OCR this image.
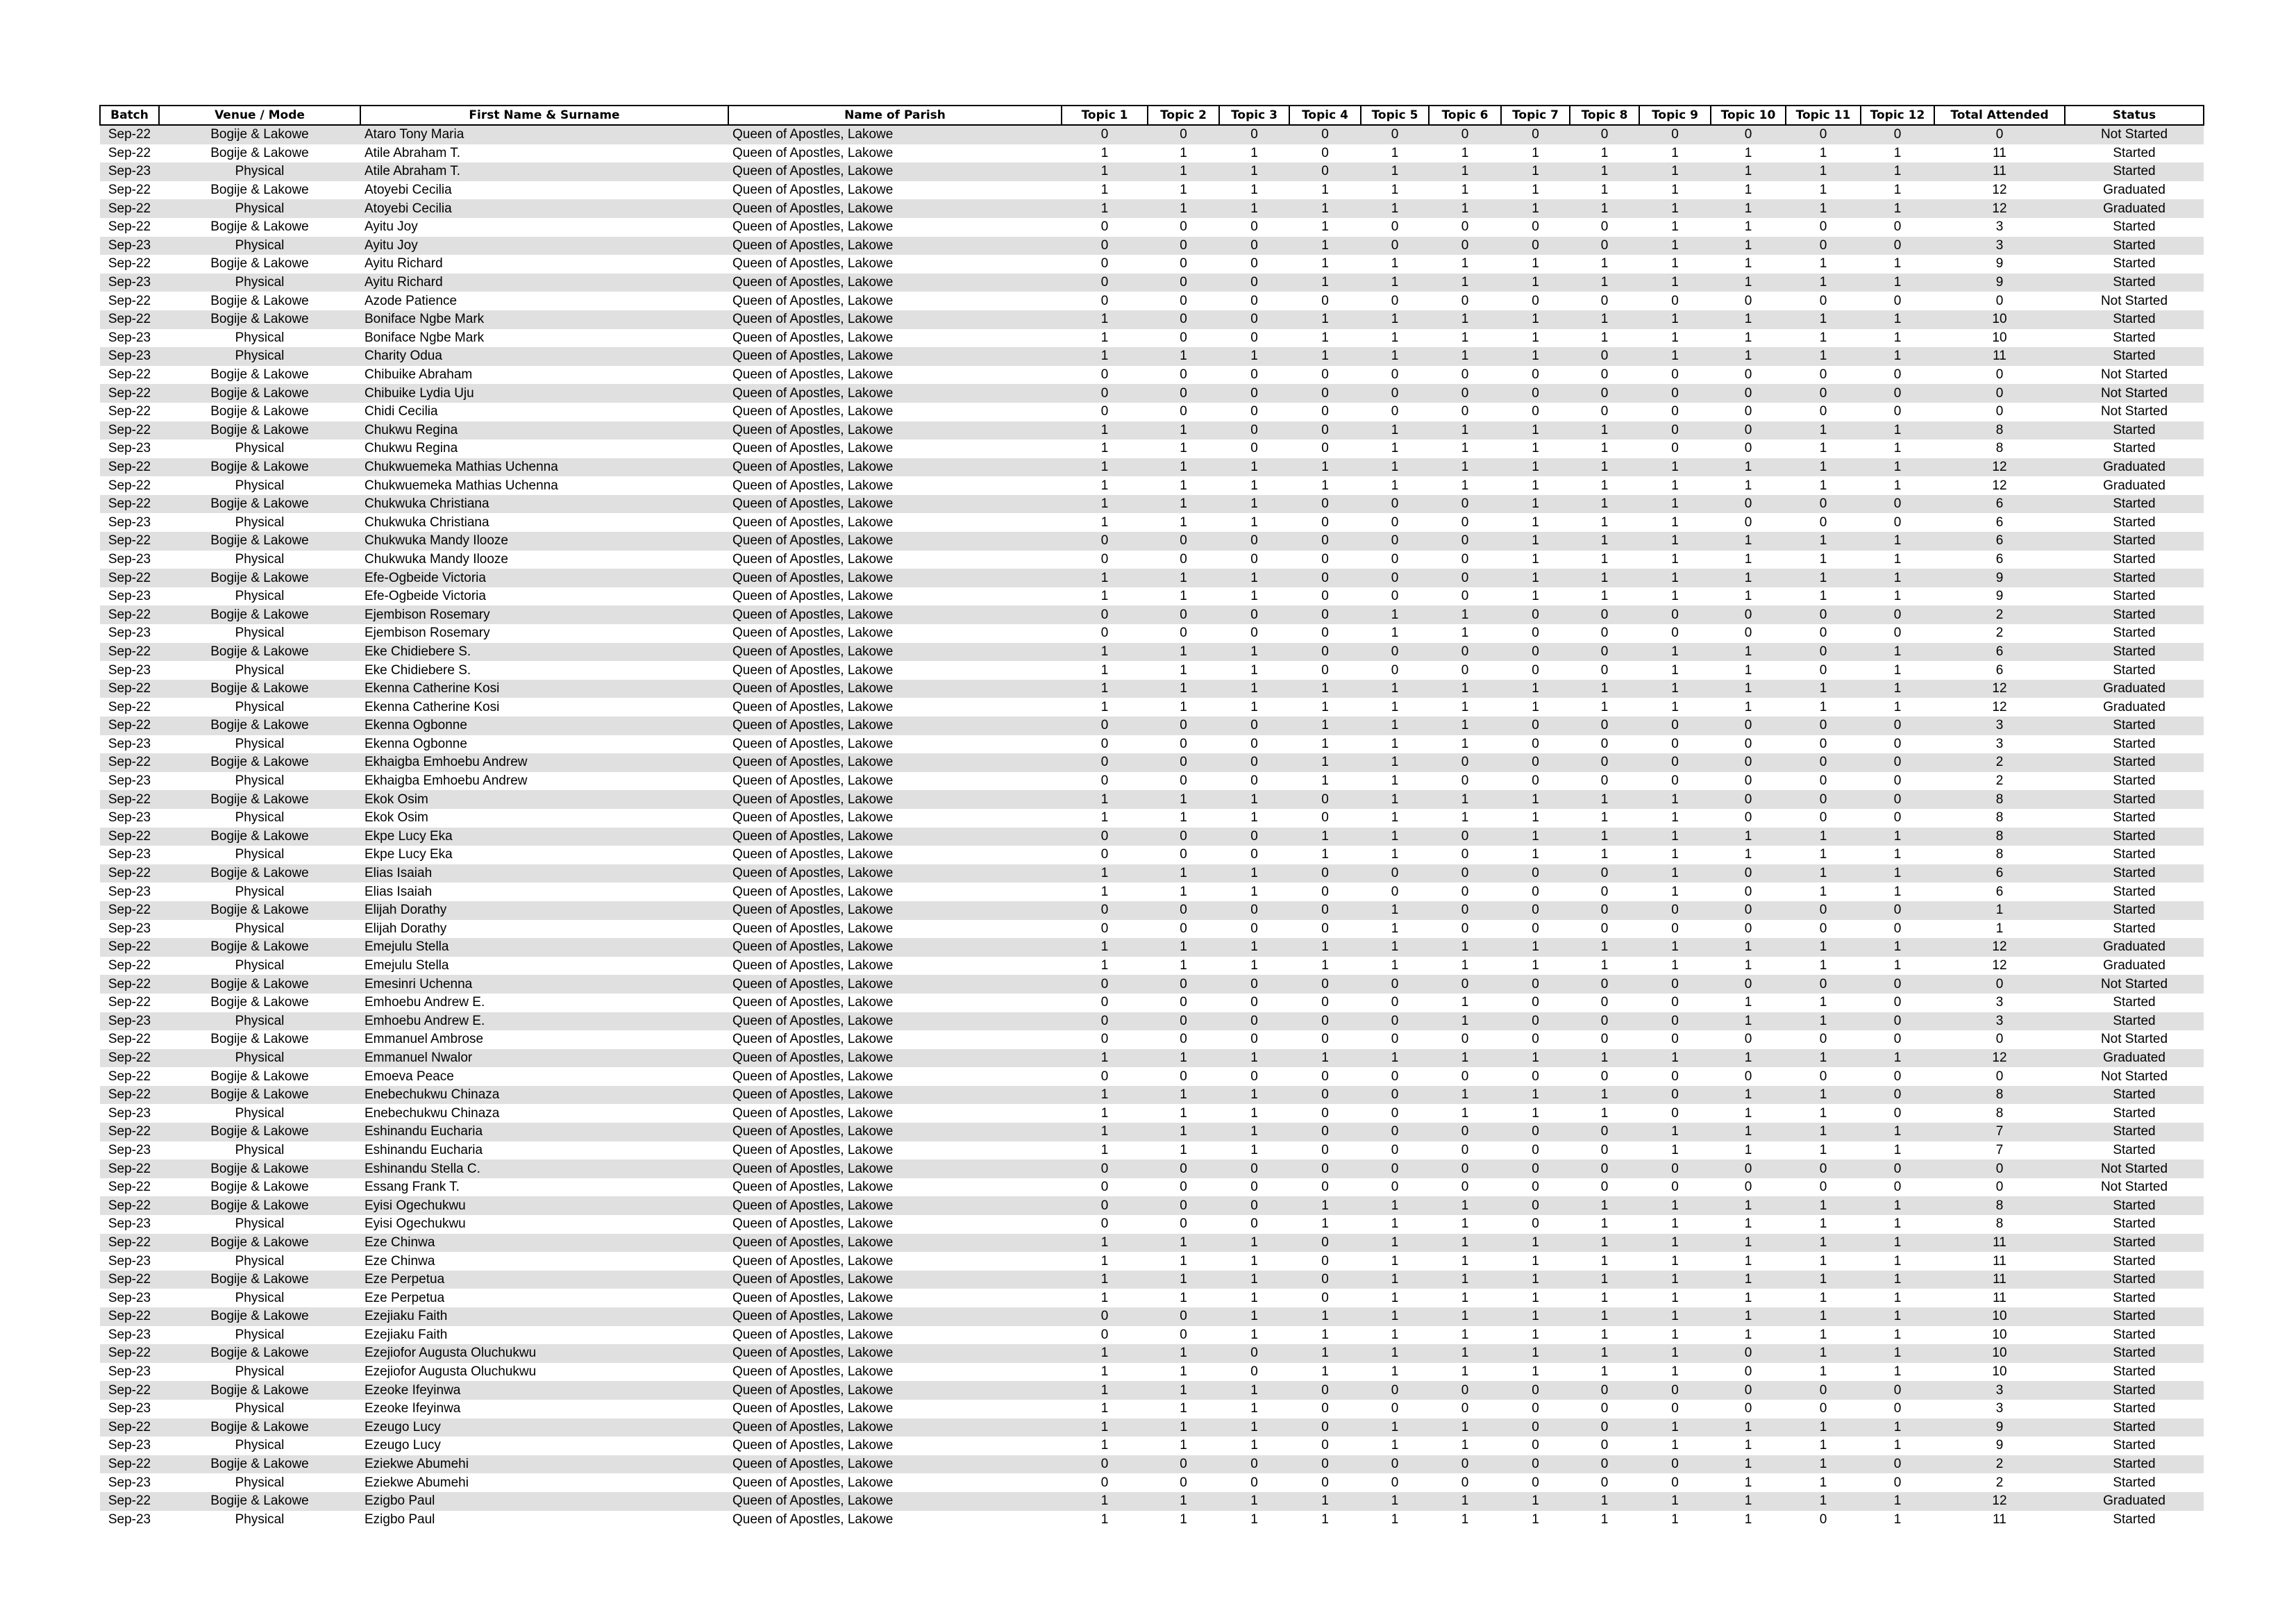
Batch	Venue / Mode	First Name & Surname	Name of Parish	Topic 1	Topic 2	Topic 3	Topic 4	Topic 5	Topic 6	Topic 7	Topic 8	Topic 9	Topic 10	Topic 11	Topic 12	Total Attended	Status
Sep-22	Bogije & Lakowe	Ataro Tony Maria	Queen of Apostles, Lakowe	0	0	0	0	0	0	0	0	0	0	0	0	0	Not Started
Sep-22	Bogije & Lakowe	Atile Abraham T.	Queen of Apostles, Lakowe	1	1	1	0	1	1	1	1	1	1	1	1	11	Started
Sep-23	Physical	Atile Abraham T.	Queen of Apostles, Lakowe	1	1	1	0	1	1	1	1	1	1	1	1	11	Started
Sep-22	Bogije & Lakowe	Atoyebi Cecilia	Queen of Apostles, Lakowe	1	1	1	1	1	1	1	1	1	1	1	1	12	Graduated
Sep-22	Physical	Atoyebi Cecilia	Queen of Apostles, Lakowe	1	1	1	1	1	1	1	1	1	1	1	1	12	Graduated
Sep-22	Bogije & Lakowe	Ayitu Joy	Queen of Apostles, Lakowe	0	0	0	1	0	0	0	0	1	1	0	0	3	Started
Sep-23	Physical	Ayitu Joy	Queen of Apostles, Lakowe	0	0	0	1	0	0	0	0	1	1	0	0	3	Started
Sep-22	Bogije & Lakowe	Ayitu Richard	Queen of Apostles, Lakowe	0	0	0	1	1	1	1	1	1	1	1	1	9	Started
Sep-23	Physical	Ayitu Richard	Queen of Apostles, Lakowe	0	0	0	1	1	1	1	1	1	1	1	1	9	Started
Sep-22	Bogije & Lakowe	Azode Patience	Queen of Apostles, Lakowe	0	0	0	0	0	0	0	0	0	0	0	0	0	Not Started
Sep-22	Bogije & Lakowe	Boniface Ngbe Mark	Queen of Apostles, Lakowe	1	0	0	1	1	1	1	1	1	1	1	1	10	Started
Sep-23	Physical	Boniface Ngbe Mark	Queen of Apostles, Lakowe	1	0	0	1	1	1	1	1	1	1	1	1	10	Started
Sep-23	Physical	Charity Odua	Queen of Apostles, Lakowe	1	1	1	1	1	1	1	0	1	1	1	1	11	Started
Sep-22	Bogije & Lakowe	Chibuike Abraham	Queen of Apostles, Lakowe	0	0	0	0	0	0	0	0	0	0	0	0	0	Not Started
Sep-22	Bogije & Lakowe	Chibuike Lydia Uju	Queen of Apostles, Lakowe	0	0	0	0	0	0	0	0	0	0	0	0	0	Not Started
Sep-22	Bogije & Lakowe	Chidi Cecilia	Queen of Apostles, Lakowe	0	0	0	0	0	0	0	0	0	0	0	0	0	Not Started
Sep-22	Bogije & Lakowe	Chukwu Regina	Queen of Apostles, Lakowe	1	1	0	0	1	1	1	1	0	0	1	1	8	Started
Sep-23	Physical	Chukwu Regina	Queen of Apostles, Lakowe	1	1	0	0	1	1	1	1	0	0	1	1	8	Started
Sep-22	Bogije & Lakowe	Chukwuemeka Mathias Uchenna	Queen of Apostles, Lakowe	1	1	1	1	1	1	1	1	1	1	1	1	12	Graduated
Sep-22	Physical	Chukwuemeka Mathias Uchenna	Queen of Apostles, Lakowe	1	1	1	1	1	1	1	1	1	1	1	1	12	Graduated
Sep-22	Bogije & Lakowe	Chukwuka Christiana	Queen of Apostles, Lakowe	1	1	1	0	0	0	1	1	1	0	0	0	6	Started
Sep-23	Physical	Chukwuka Christiana	Queen of Apostles, Lakowe	1	1	1	0	0	0	1	1	1	0	0	0	6	Started
Sep-22	Bogije & Lakowe	Chukwuka Mandy Ilooze	Queen of Apostles, Lakowe	0	0	0	0	0	0	1	1	1	1	1	1	6	Started
Sep-23	Physical	Chukwuka Mandy Ilooze	Queen of Apostles, Lakowe	0	0	0	0	0	0	1	1	1	1	1	1	6	Started
Sep-22	Bogije & Lakowe	Efe-Ogbeide Victoria	Queen of Apostles, Lakowe	1	1	1	0	0	0	1	1	1	1	1	1	9	Started
Sep-23	Physical	Efe-Ogbeide Victoria	Queen of Apostles, Lakowe	1	1	1	0	0	0	1	1	1	1	1	1	9	Started
Sep-22	Bogije & Lakowe	Ejembison Rosemary	Queen of Apostles, Lakowe	0	0	0	0	1	1	0	0	0	0	0	0	2	Started
Sep-23	Physical	Ejembison Rosemary	Queen of Apostles, Lakowe	0	0	0	0	1	1	0	0	0	0	0	0	2	Started
Sep-22	Bogije & Lakowe	Eke Chidiebere S.	Queen of Apostles, Lakowe	1	1	1	0	0	0	0	0	1	1	0	1	6	Started
Sep-23	Physical	Eke Chidiebere S.	Queen of Apostles, Lakowe	1	1	1	0	0	0	0	0	1	1	0	1	6	Started
Sep-22	Bogije & Lakowe	Ekenna Catherine Kosi	Queen of Apostles, Lakowe	1	1	1	1	1	1	1	1	1	1	1	1	12	Graduated
Sep-22	Physical	Ekenna Catherine Kosi	Queen of Apostles, Lakowe	1	1	1	1	1	1	1	1	1	1	1	1	12	Graduated
Sep-22	Bogije & Lakowe	Ekenna Ogbonne	Queen of Apostles, Lakowe	0	0	0	1	1	1	0	0	0	0	0	0	3	Started
Sep-23	Physical	Ekenna Ogbonne	Queen of Apostles, Lakowe	0	0	0	1	1	1	0	0	0	0	0	0	3	Started
Sep-22	Bogije & Lakowe	Ekhaigba Emhoebu Andrew	Queen of Apostles, Lakowe	0	0	0	1	1	0	0	0	0	0	0	0	2	Started
Sep-23	Physical	Ekhaigba Emhoebu Andrew	Queen of Apostles, Lakowe	0	0	0	1	1	0	0	0	0	0	0	0	2	Started
Sep-22	Bogije & Lakowe	Ekok Osim	Queen of Apostles, Lakowe	1	1	1	0	1	1	1	1	1	0	0	0	8	Started
Sep-23	Physical	Ekok Osim	Queen of Apostles, Lakowe	1	1	1	0	1	1	1	1	1	0	0	0	8	Started
Sep-22	Bogije & Lakowe	Ekpe Lucy Eka	Queen of Apostles, Lakowe	0	0	0	1	1	0	1	1	1	1	1	1	8	Started
Sep-23	Physical	Ekpe Lucy Eka	Queen of Apostles, Lakowe	0	0	0	1	1	0	1	1	1	1	1	1	8	Started
Sep-22	Bogije & Lakowe	Elias Isaiah	Queen of Apostles, Lakowe	1	1	1	0	0	0	0	0	1	0	1	1	6	Started
Sep-23	Physical	Elias Isaiah	Queen of Apostles, Lakowe	1	1	1	0	0	0	0	0	1	0	1	1	6	Started
Sep-22	Bogije & Lakowe	Elijah Dorathy	Queen of Apostles, Lakowe	0	0	0	0	1	0	0	0	0	0	0	0	1	Started
Sep-23	Physical	Elijah Dorathy	Queen of Apostles, Lakowe	0	0	0	0	1	0	0	0	0	0	0	0	1	Started
Sep-22	Bogije & Lakowe	Emejulu Stella	Queen of Apostles, Lakowe	1	1	1	1	1	1	1	1	1	1	1	1	12	Graduated
Sep-22	Physical	Emejulu Stella	Queen of Apostles, Lakowe	1	1	1	1	1	1	1	1	1	1	1	1	12	Graduated
Sep-22	Bogije & Lakowe	Emesinri Uchenna	Queen of Apostles, Lakowe	0	0	0	0	0	0	0	0	0	0	0	0	0	Not Started
Sep-22	Bogije & Lakowe	Emhoebu Andrew E.	Queen of Apostles, Lakowe	0	0	0	0	0	1	0	0	0	1	1	0	3	Started
Sep-23	Physical	Emhoebu Andrew E.	Queen of Apostles, Lakowe	0	0	0	0	0	1	0	0	0	1	1	0	3	Started
Sep-22	Bogije & Lakowe	Emmanuel Ambrose	Queen of Apostles, Lakowe	0	0	0	0	0	0	0	0	0	0	0	0	0	Not Started
Sep-22	Physical	Emmanuel Nwalor	Queen of Apostles, Lakowe	1	1	1	1	1	1	1	1	1	1	1	1	12	Graduated
Sep-22	Bogije & Lakowe	Emoeva Peace	Queen of Apostles, Lakowe	0	0	0	0	0	0	0	0	0	0	0	0	0	Not Started
Sep-22	Bogije & Lakowe	Enebechukwu Chinaza	Queen of Apostles, Lakowe	1	1	1	0	0	1	1	1	0	1	1	0	8	Started
Sep-23	Physical	Enebechukwu Chinaza	Queen of Apostles, Lakowe	1	1	1	0	0	1	1	1	0	1	1	0	8	Started
Sep-22	Bogije & Lakowe	Eshinandu Eucharia	Queen of Apostles, Lakowe	1	1	1	0	0	0	0	0	1	1	1	1	7	Started
Sep-23	Physical	Eshinandu Eucharia	Queen of Apostles, Lakowe	1	1	1	0	0	0	0	0	1	1	1	1	7	Started
Sep-22	Bogije & Lakowe	Eshinandu Stella C.	Queen of Apostles, Lakowe	0	0	0	0	0	0	0	0	0	0	0	0	0	Not Started
Sep-22	Bogije & Lakowe	Essang Frank T.	Queen of Apostles, Lakowe	0	0	0	0	0	0	0	0	0	0	0	0	0	Not Started
Sep-22	Bogije & Lakowe	Eyisi Ogechukwu	Queen of Apostles, Lakowe	0	0	0	1	1	1	0	1	1	1	1	1	8	Started
Sep-23	Physical	Eyisi Ogechukwu	Queen of Apostles, Lakowe	0	0	0	1	1	1	0	1	1	1	1	1	8	Started
Sep-22	Bogije & Lakowe	Eze Chinwa	Queen of Apostles, Lakowe	1	1	1	0	1	1	1	1	1	1	1	1	11	Started
Sep-23	Physical	Eze Chinwa	Queen of Apostles, Lakowe	1	1	1	0	1	1	1	1	1	1	1	1	11	Started
Sep-22	Bogije & Lakowe	Eze Perpetua	Queen of Apostles, Lakowe	1	1	1	0	1	1	1	1	1	1	1	1	11	Started
Sep-23	Physical	Eze Perpetua	Queen of Apostles, Lakowe	1	1	1	0	1	1	1	1	1	1	1	1	11	Started
Sep-22	Bogije & Lakowe	Ezejiaku Faith	Queen of Apostles, Lakowe	0	0	1	1	1	1	1	1	1	1	1	1	10	Started
Sep-23	Physical	Ezejiaku Faith	Queen of Apostles, Lakowe	0	0	1	1	1	1	1	1	1	1	1	1	10	Started
Sep-22	Bogije & Lakowe	Ezejiofor Augusta Oluchukwu	Queen of Apostles, Lakowe	1	1	0	1	1	1	1	1	1	0	1	1	10	Started
Sep-23	Physical	Ezejiofor Augusta Oluchukwu	Queen of Apostles, Lakowe	1	1	0	1	1	1	1	1	1	0	1	1	10	Started
Sep-22	Bogije & Lakowe	Ezeoke Ifeyinwa	Queen of Apostles, Lakowe	1	1	1	0	0	0	0	0	0	0	0	0	3	Started
Sep-23	Physical	Ezeoke Ifeyinwa	Queen of Apostles, Lakowe	1	1	1	0	0	0	0	0	0	0	0	0	3	Started
Sep-22	Bogije & Lakowe	Ezeugo Lucy	Queen of Apostles, Lakowe	1	1	1	0	1	1	0	0	1	1	1	1	9	Started
Sep-23	Physical	Ezeugo Lucy	Queen of Apostles, Lakowe	1	1	1	0	1	1	0	0	1	1	1	1	9	Started
Sep-22	Bogije & Lakowe	Eziekwe Abumehi	Queen of Apostles, Lakowe	0	0	0	0	0	0	0	0	0	1	1	0	2	Started
Sep-23	Physical	Eziekwe Abumehi	Queen of Apostles, Lakowe	0	0	0	0	0	0	0	0	0	1	1	0	2	Started
Sep-22	Bogije & Lakowe	Ezigbo Paul	Queen of Apostles, Lakowe	1	1	1	1	1	1	1	1	1	1	1	1	12	Graduated
Sep-23	Physical	Ezigbo Paul	Queen of Apostles, Lakowe	1	1	1	1	1	1	1	1	1	1	0	1	11	Started
